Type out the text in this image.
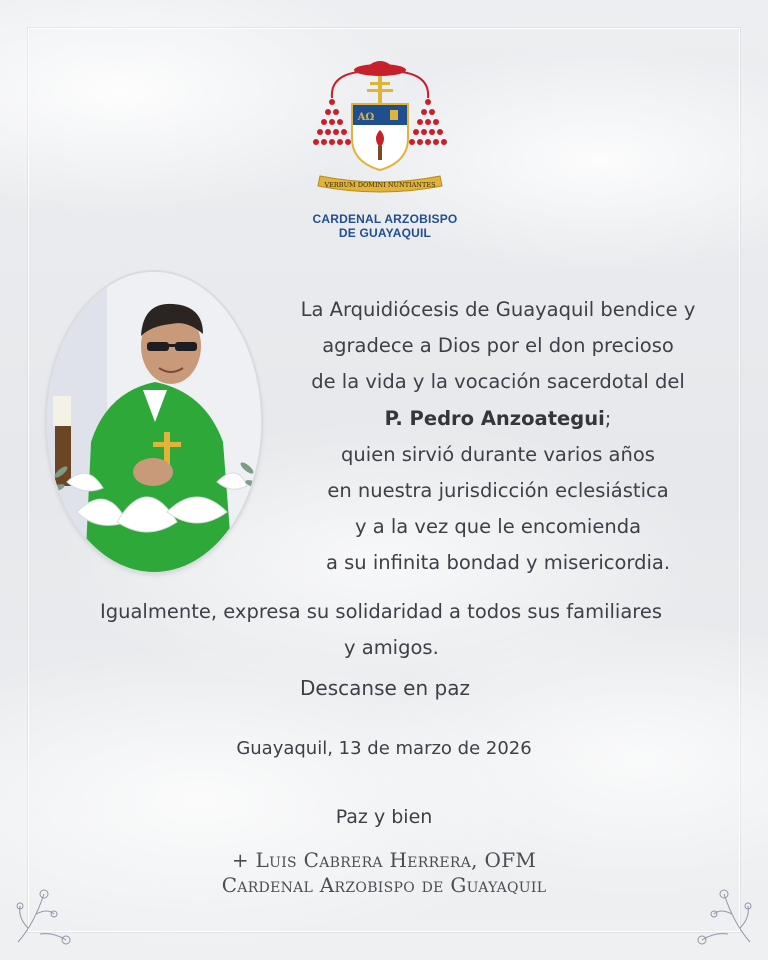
AΩ
VERBUM DOMINI NUNTIANTES
CARDENAL ARZOBISPO
DE GUAYAQUIL
La Arquidiócesis de Guayaquil bendice y
agradece a Dios por el don precioso
de la vida y la vocación sacerdotal del
P. Pedro Anzoategui;
quien sirvió durante varios años
en nuestra jurisdicción eclesiástica
y a la vez que le encomienda
a su infinita bondad y misericordia.
Igualmente, expresa su solidaridad a todos sus familiares
y amigos.
Descanse en paz
Guayaquil, 13 de marzo de 2026
Paz y bien
+ Luis Cabrera Herrera, OFM
Cardenal Arzobispo de Guayaquil
